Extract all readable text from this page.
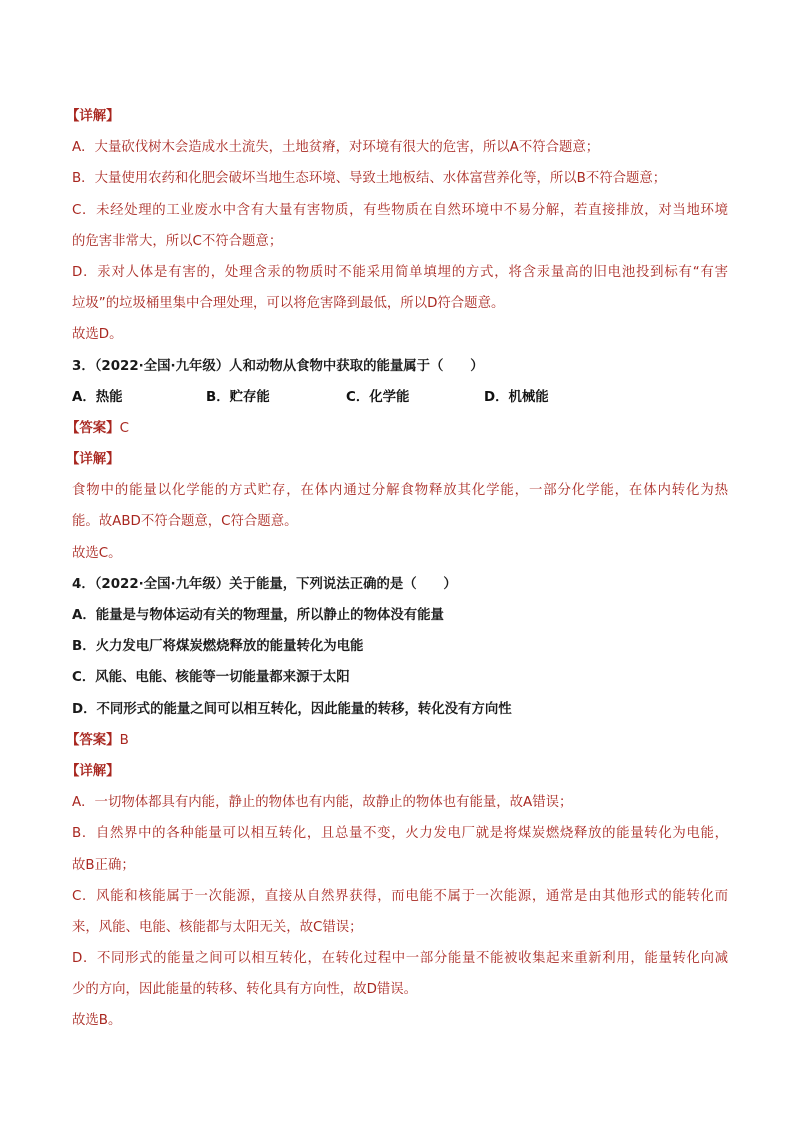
【详解】
A．大量砍伐树木会造成水土流失，土地贫瘠，对环境有很大的危害，所以A不符合题意；
B．大量使用农药和化肥会破坏当地生态环境、导致土地板结、水体富营养化等，所以B不符合题意；
C．未经处理的工业废水中含有大量有害物质，有些物质在自然环境中不易分解，若直接排放，对当地环境
的危害非常大，所以C不符合题意；
D．汞对人体是有害的，处理含汞的物质时不能采用简单填埋的方式，将含汞量高的旧电池投到标有“有害
垃圾”的垃圾桶里集中合理处理，可以将危害降到最低，所以D符合题意。
故选D。
3．（2022·全国·九年级）人和动物从食物中获取的能量属于（　　）
A．热能	B．贮存能	C．化学能	D．机械能
【答案】C
【详解】
食物中的能量以化学能的方式贮存，在体内通过分解食物释放其化学能，一部分化学能，在体内转化为热
能。故ABD不符合题意，C符合题意。
故选C。
4．（2022·全国·九年级）关于能量，下列说法正确的是（　　）
A．能量是与物体运动有关的物理量，所以静止的物体没有能量
B．火力发电厂将煤炭燃烧释放的能量转化为电能
C．风能、电能、核能等一切能量都来源于太阳
D．不同形式的能量之间可以相互转化，因此能量的转移，转化没有方向性
【答案】B
【详解】
A．一切物体都具有内能，静止的物体也有内能，故静止的物体也有能量，故A错误；
B．自然界中的各种能量可以相互转化，且总量不变，火力发电厂就是将煤炭燃烧释放的能量转化为电能，
故B正确；
C．风能和核能属于一次能源，直接从自然界获得，而电能不属于一次能源，通常是由其他形式的能转化而
来，风能、电能、核能都与太阳无关，故C错误；
D．不同形式的能量之间可以相互转化，在转化过程中一部分能量不能被收集起来重新利用，能量转化向减
少的方向，因此能量的转移、转化具有方向性，故D错误。
故选B。
